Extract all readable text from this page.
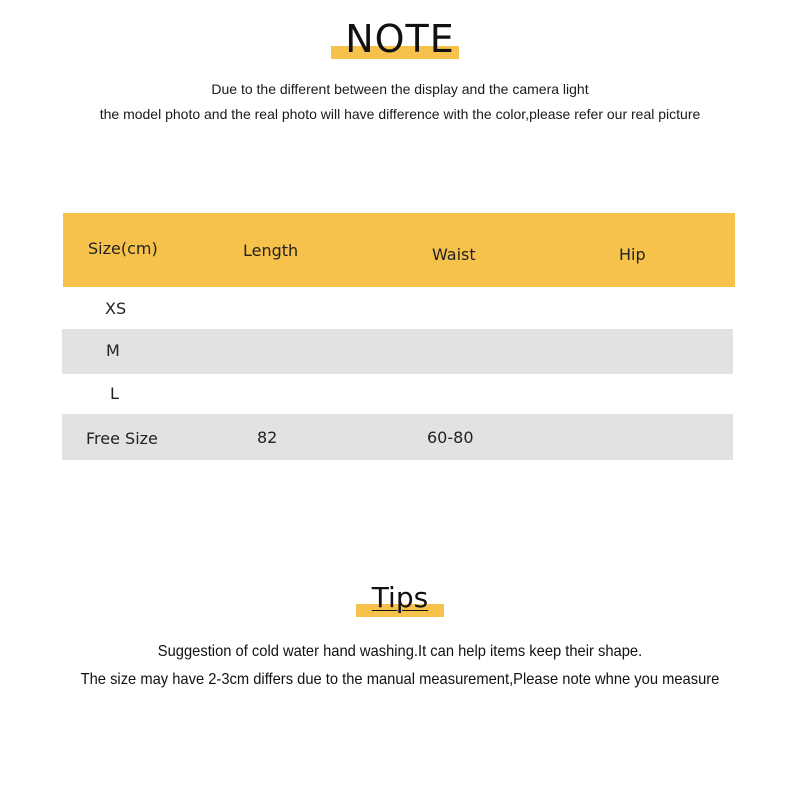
NOTE
Due to the different between the display and the camera light
the model photo and the real photo will have difference with the color,please refer our real picture
Size(cm)	Length	Waist	Hip
XS
M
L
Free Size	82	60-80
Tips
Suggestion of cold water hand washing.It can help items keep their shape.
The size may have 2-3cm differs due to the manual measurement,Please note whne you measure
